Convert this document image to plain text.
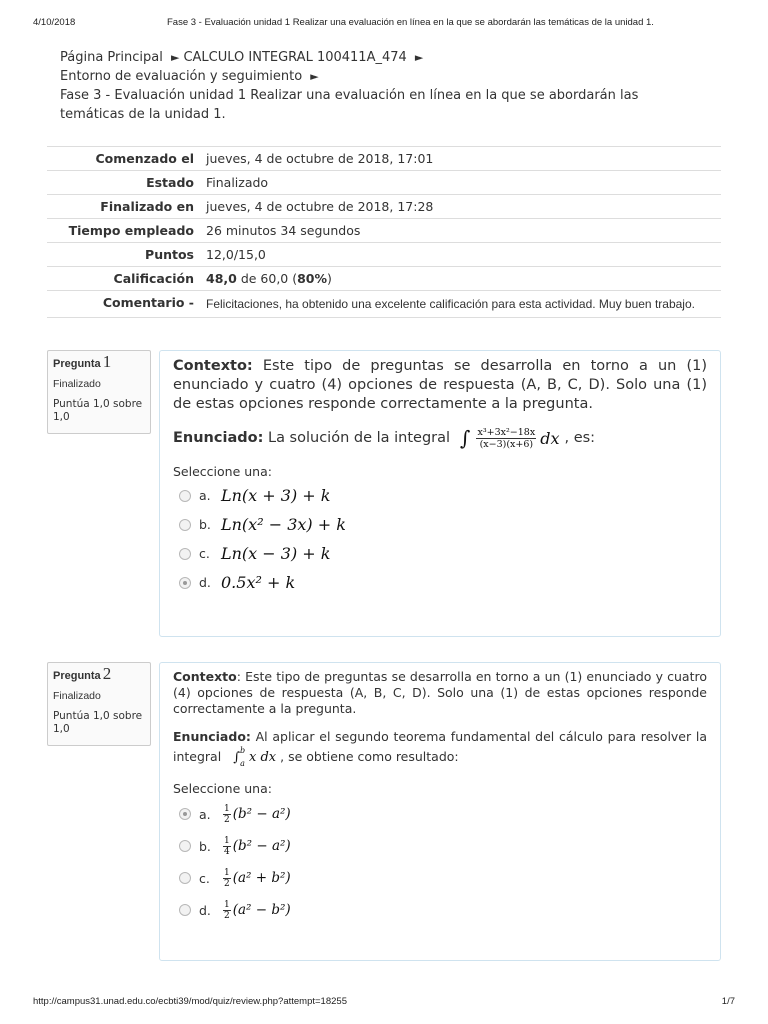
4/10/2018	Fase 3 - Evaluación unidad 1 Realizar una evaluación en línea en la que se abordarán las temáticas de la unidad 1.
Página Principal ► CALCULO INTEGRAL 100411A_474 ►
Entorno de evaluación y seguimiento ►
Fase 3 - Evaluación unidad 1 Realizar una evaluación en línea en la que se abordarán las temáticas de la unidad 1.
Comenzado el	jueves, 4 de octubre de 2018, 17:01
Estado	Finalizado
Finalizado en	jueves, 4 de octubre de 2018, 17:28
Tiempo empleado	26 minutos 34 segundos
Puntos	12,0/15,0
Calificación	48,0 de 60,0 (80%)
Comentario -	Felicitaciones, ha obtenido una excelente calificación para esta actividad. Muy buen trabajo.
Pregunta 1
Finalizado
Puntúa 1,0 sobre 1,0
Contexto: Este tipo de preguntas se desarrolla en torno a un (1) enunciado y cuatro (4) opciones de respuesta (A, B, C, D). Solo una (1) de estas opciones responde correctamente a la pregunta.
Enunciado: La solución de la integral ∫ $\frac{\text{x³+3x²−18x}}{(x-3)(x+6)}$ dx , es:
Seleccione una:
a. Ln(x + 3) + k
b. Ln(x² − 3x) + k
c. Ln(x − 3) + k
d. 0.5x² + k
Pregunta 2
Finalizado
Puntúa 1,0 sobre 1,0
Contexto: Este tipo de preguntas se desarrolla en torno a un (1) enunciado y cuatro (4) opciones de respuesta (A, B, C, D). Solo una (1) de estas opciones responde correctamente a la pregunta.
Enunciado: Al aplicar el segundo teorema fundamental del cálculo para resolver la integral ∫$^b_a$ x dx , se obtiene como resultado:
Seleccione una:
a. $\frac{1}{2} (b^2 - a^2)$
b. $\frac{1}{4} (b^2 - a^2)$
c.	$\frac{1}{2} (a^2 + b^2)$
d. $\frac{1}{2} (a^2 - b^2)$
http://campus31.unad.edu.co/ecbti39/mod/quiz/review.php?attempt=18255	1/7
